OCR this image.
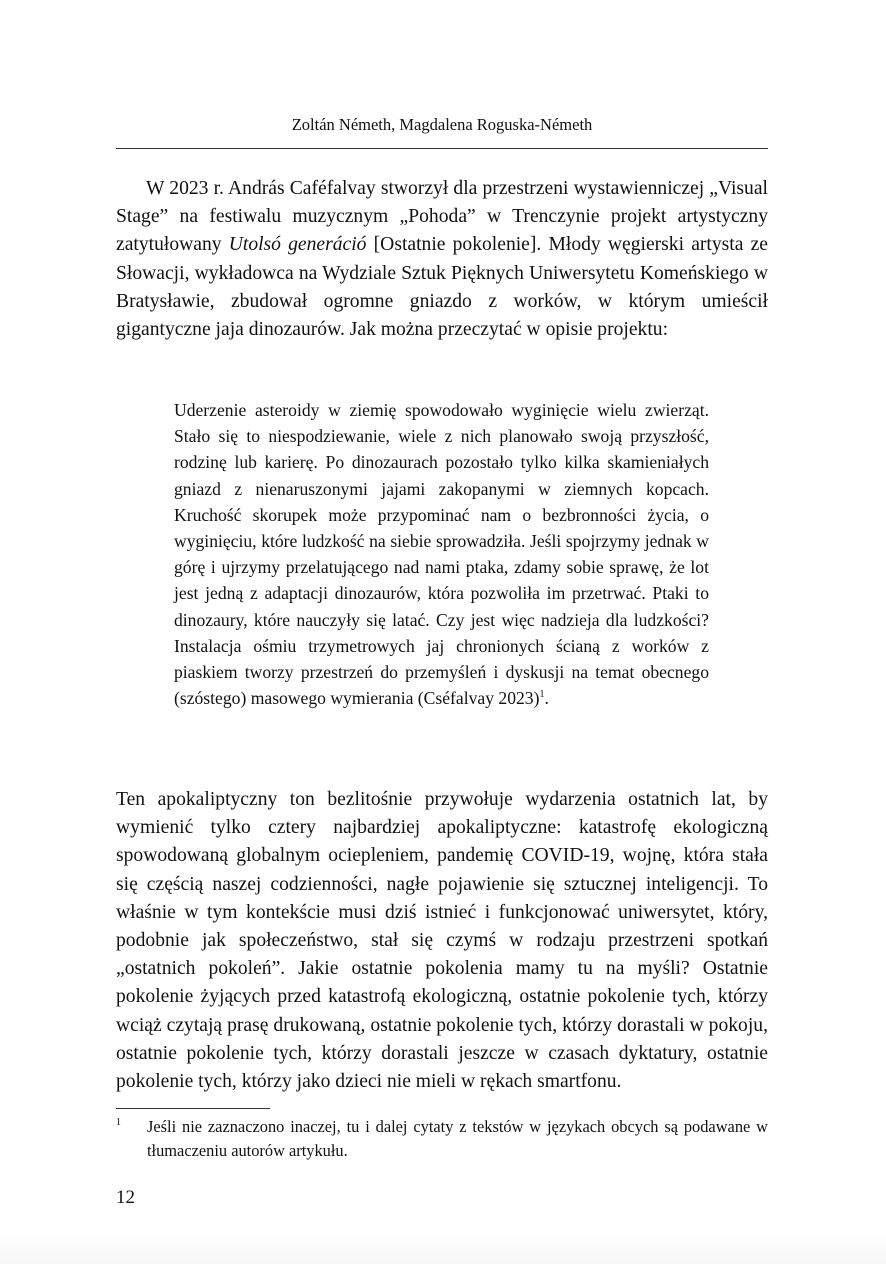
Zoltán Németh, Magdalena Roguska-Németh

W 2023 r. András Caféfalvay stworzył dla przestrzeni wystawienniczej „Visual Stage” na festiwalu muzycznym „Pohoda” w Trenczynie projekt artystyczny zatytułowany Utolsó generáció [Ostatnie pokolenie]. Młody węgierski artysta ze Słowacji, wykładowca na Wydziale Sztuk Pięknych Uniwersytetu Komeńskiego w Bratysławie, zbudował ogromne gniazdo z worków, w którym umieścił gigantyczne jaja dinozaurów. Jak można przeczytać w opisie projektu:

Uderzenie asteroidy w ziemię spowodowało wyginięcie wielu zwierząt. Stało się to niespodziewanie, wiele z nich planowało swoją przyszłość, rodzinę lub karierę. Po dinozaurach pozostało tylko kilka skamieniałych gniazd z nienaruszonymi jajami zakopanymi w ziemnych kopcach. Kruchość skorupek może przypominać nam o bezbronności życia, o wyginięciu, które ludzkość na siebie sprowadziła. Jeśli spojrzymy jednak w górę i ujrzymy przelatującego nad nami ptaka, zdamy sobie sprawę, że lot jest jedną z adaptacji dinozaurów, która pozwoliła im przetrwać. Ptaki to dinozaury, które nauczyły się latać. Czy jest więc nadzieja dla ludzkości? Instalacja ośmiu trzymetrowych jaj chronionych ścianą z worków z piaskiem tworzy przestrzeń do przemyśleń i dyskusji na temat obecnego (szóstego) masowego wymierania (Cséfalvay 2023)$^1$.

Ten apokaliptyczny ton bezlitośnie przywołuje wydarzenia ostatnich lat, by wymienić tylko cztery najbardziej apokaliptyczne: katastrofę ekologiczną spowodowaną globalnym ociepleniem, pandemię COVID-19, wojnę, która stała się częścią naszej codzienności, nagłe pojawienie się sztucznej inteligencji. To właśnie w tym kontekście musi dziś istnieć i funkcjonować uniwersytet, który, podobnie jak społeczeństwo, stał się czymś w rodzaju przestrzeni spotkań „ostatnich pokoleń”. Jakie ostatnie pokolenia mamy tu na myśli? Ostatnie pokolenie żyjących przed katastrofą ekologiczną, ostatnie pokolenie tych, którzy wciąż czytają prasę drukowaną, ostatnie pokolenie tych, którzy dorastali w pokoju, ostatnie pokolenie tych, którzy dorastali jeszcze w czasach dyktatury, ostatnie pokolenie tych, którzy jako dzieci nie mieli w rękach smartfonu.

1 Jeśli nie zaznaczono inaczej, tu i dalej cytaty z tekstów w językach obcych są podawane w tłumaczeniu autorów artykułu.
12
